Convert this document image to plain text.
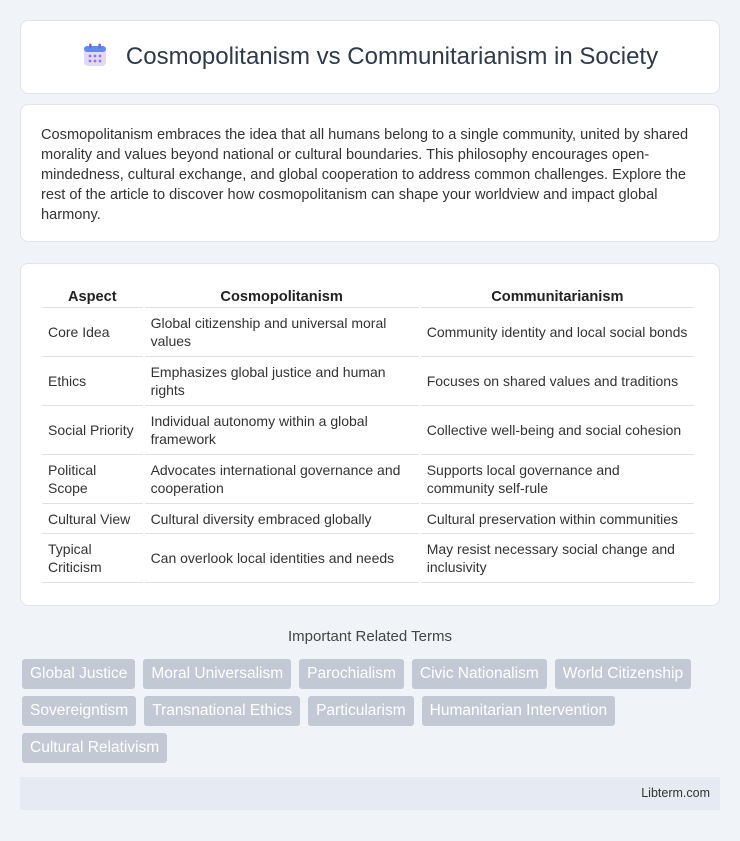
Cosmopolitanism vs Communitarianism in Society

Cosmopolitanism embraces the idea that all humans belong to a single community, united by shared morality and values beyond national or cultural boundaries. This philosophy encourages open-mindedness, cultural exchange, and global cooperation to address common challenges. Explore the rest of the article to discover how cosmopolitanism can shape your worldview and impact global harmony.

Aspect	Cosmopolitanism	Communitarianism
Core Idea	Global citizenship and universal moral values	Community identity and local social bonds
Ethics	Emphasizes global justice and human rights	Focuses on shared values and traditions
Social Priority	Individual autonomy within a global framework	Collective well-being and social cohesion
Political Scope	Advocates international governance and cooperation	Supports local governance and community self-rule
Cultural View	Cultural diversity embraced globally	Cultural preservation within communities
Typical Criticism	Can overlook local identities and needs	May resist necessary social change and inclusivity
Important Related Terms
Global Justice	Moral Universalism	Parochialism	Civic Nationalism	World Citizenship
Sovereigntism	Transnational Ethics	Particularism	Humanitarian Intervention
Cultural Relativism
Libterm.com
